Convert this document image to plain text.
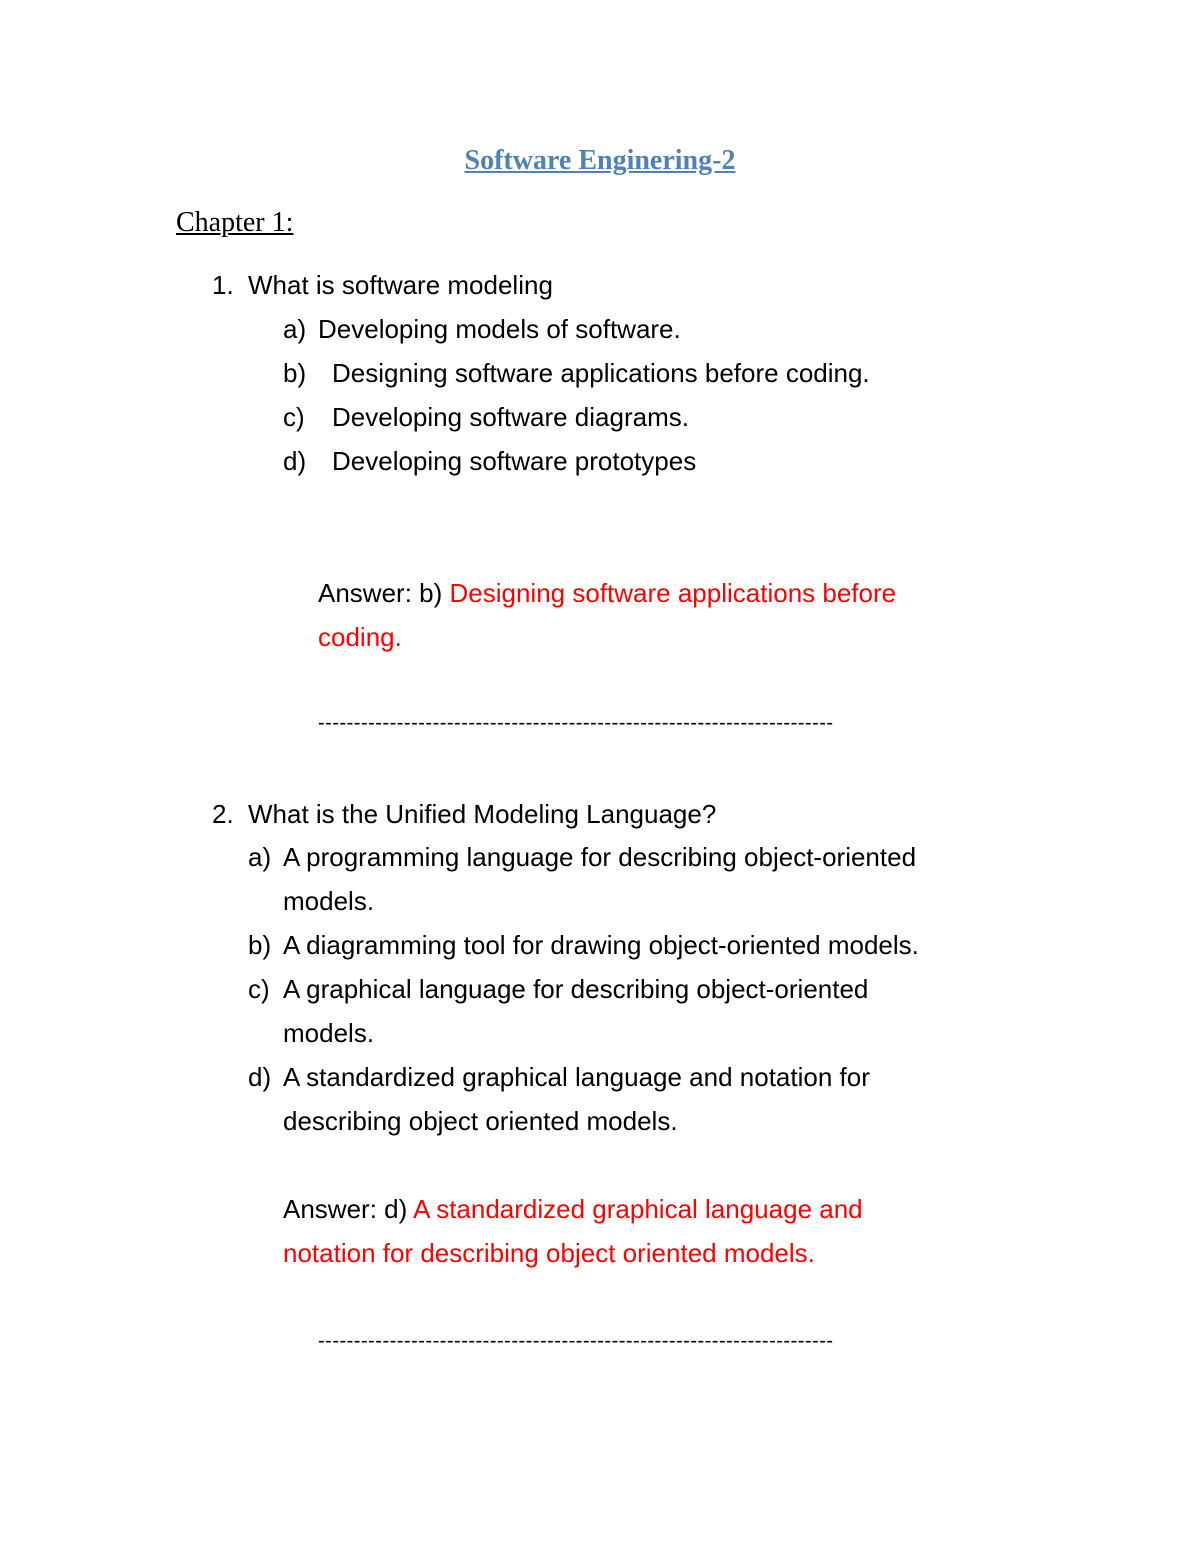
Software Enginering-2
Chapter 1:
1. What is software modeling
a) Developing models of software.
b) Designing software applications before coding.
c) Developing software diagrams.
d) Developing software prototypes
Answer: b) Designing software applications before
coding.
------------------------------------------------------------------------
2. What is the Unified Modeling Language?
a) A programming language for describing object-oriented
models.
b) A diagramming tool for drawing object-oriented models.
c) A graphical language for describing object-oriented
models.
d) A standardized graphical language and notation for
describing object oriented models.
Answer: d) A standardized graphical language and
notation for describing object oriented models.
------------------------------------------------------------------------
